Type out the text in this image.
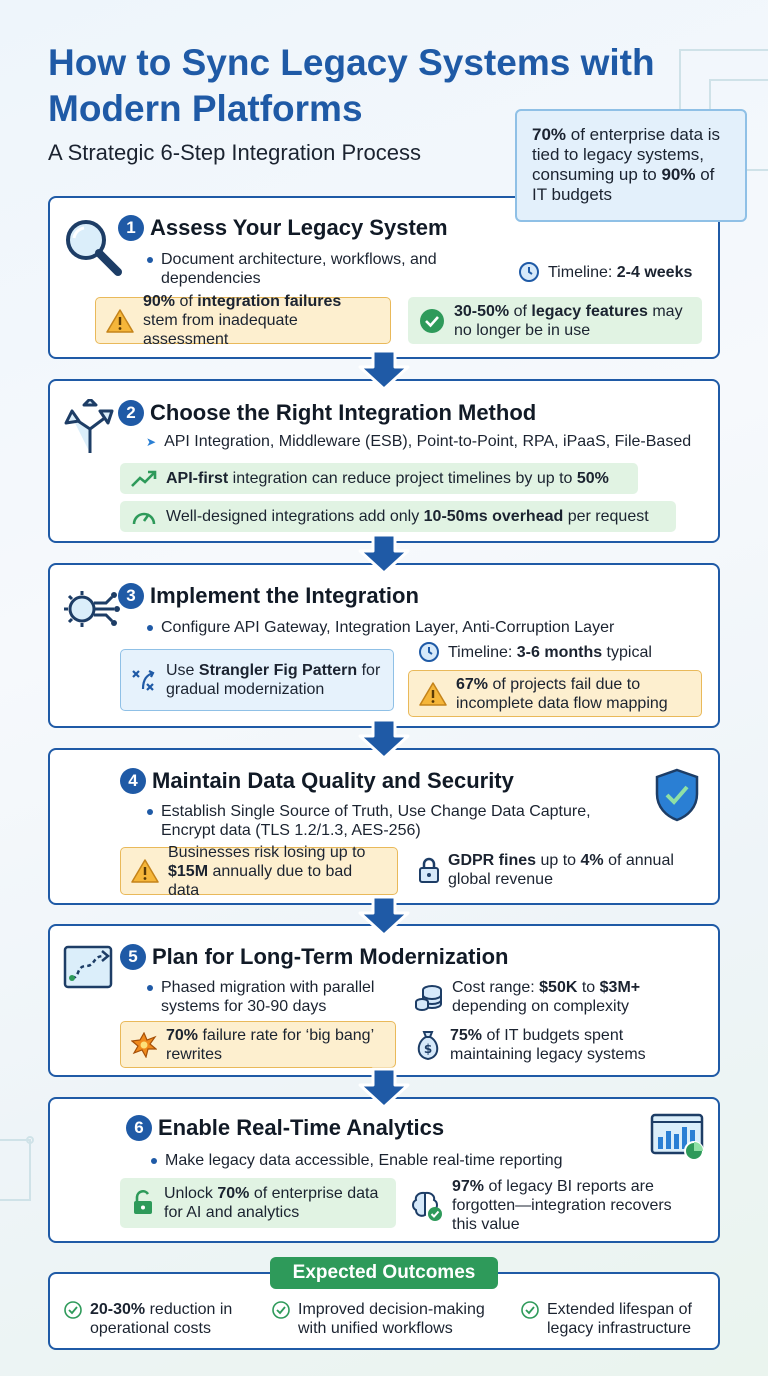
How to Sync Legacy Systems with Modern Platforms
A Strategic 6-Step Integration Process
70% of enterprise data is tied to legacy systems, consuming up to 90% of IT budgets
1 Assess Your Legacy System
Document architecture, workflows, and dependencies	Timeline: 2-4 weeks
90% of integration failures stem from inadequate assessment
30-50% of legacy features may no longer be in use
2 Choose the Right Integration Method
➤ API Integration, Middleware (ESB), Point-to-Point, RPA, iPaaS, File-Based
API-first integration can reduce project timelines by up to 50%
Well-designed integrations add only 10-50ms overhead per request
3 Implement the Integration
Configure API Gateway, Integration Layer, Anti-Corruption Layer
Use Strangler Fig Pattern for gradual modernization
Timeline: 3-6 months typical
67% of projects fail due to incomplete data flow mapping
4 Maintain Data Quality and Security
Establish Single Source of Truth, Use Change Data Capture, Encrypt data (TLS 1.2/1.3, AES-256)
Businesses risk losing up to $15M annually due to bad data
GDPR fines up to 4% of annual global revenue
5 Plan for Long-Term Modernization
Phased migration with parallel systems for 30-90 days
Cost range: $50K to $3M+ depending on complexity
70% failure rate for ‘big bang’ rewrites	$
75% of IT budgets spent maintaining legacy systems
6 Enable Real-Time Analytics
Make legacy data accessible, Enable real-time reporting
Unlock 70% of enterprise data for AI and analytics
97% of legacy BI reports are forgotten—integration recovers this value
Expected Outcomes
20-30% reduction in operational costs
Improved decision-making with unified workflows
Extended lifespan of legacy infrastructure
